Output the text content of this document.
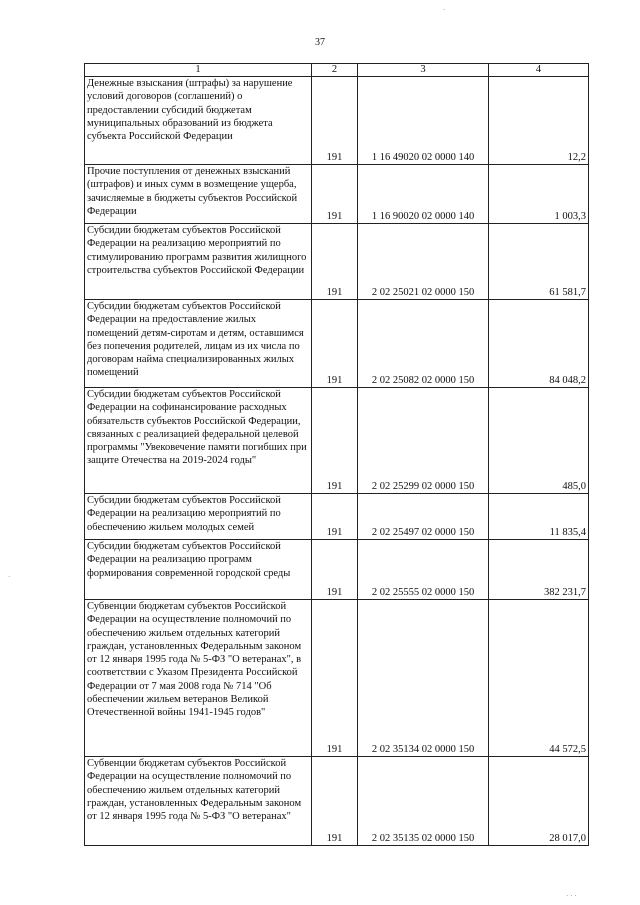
37
1	2	3	4
Денежные взыскания (штрафы) за нарушение условий договоров (соглашений) о предоставлении субсидий бюджетам муниципальных образований из бюджета субъекта Российской Федерации	191	1 16 49020 02 0000 140	12,2
Прочие поступления от денежных взысканий (штрафов) и иных сумм в возмещение ущерба, зачисляемые в бюджеты субъектов Российской Федерации	191	1 16 90020 02 0000 140	1 003,3
Субсидии бюджетам субъектов Российской Федерации на реализацию мероприятий по стимулированию программ развития жилищного строительства субъектов Российской Федерации	191	2 02 25021 02 0000 150	61 581,7
Субсидии бюджетам субъектов Российской Федерации на предоставление жилых помещений детям-сиротам и детям, оставшимся без попечения родителей, лицам из их числа по договорам найма специализированных жилых помещений	191	2 02 25082 02 0000 150	84 048,2
Субсидии бюджетам субъектов Российской Федерации на софинансирование расходных обязательств субъектов Российской Федерации, связанных с реализацией федеральной целевой программы "Увековечение памяти погибших при защите Отечества на 2019-2024 годы"	191	2 02 25299 02 0000 150	485,0
Субсидии бюджетам субъектов Российской Федерации на реализацию мероприятий по обеспечению жильем молодых семей	191	2 02 25497 02 0000 150	11 835,4
Субсидии бюджетам субъектов Российской Федерации на реализацию программ формирования современной городской среды	191	2 02 25555 02 0000 150	382 231,7
Субвенции бюджетам субъектов Российской Федерации на осуществление полномочий по обеспечению жильем отдельных категорий граждан, установленных Федеральным законом от 12 января 1995 года № 5-ФЗ "О ветеранах", в соответствии с Указом Президента Российской Федерации от 7 мая 2008 года № 714 "Об обеспечении жильем ветеранов Великой Отечественной войны 1941-1945 годов"	191	2 02 35134 02 0000 150	44 572,5
Субвенции бюджетам субъектов Российской Федерации на осуществление полномочий по обеспечению жильем отдельных категорий граждан, установленных Федеральным законом от 12 января 1995 года № 5-ФЗ "О ветеранах"	191	2 02 35135 02 0000 150	28 017,0
·
·
· · ·
